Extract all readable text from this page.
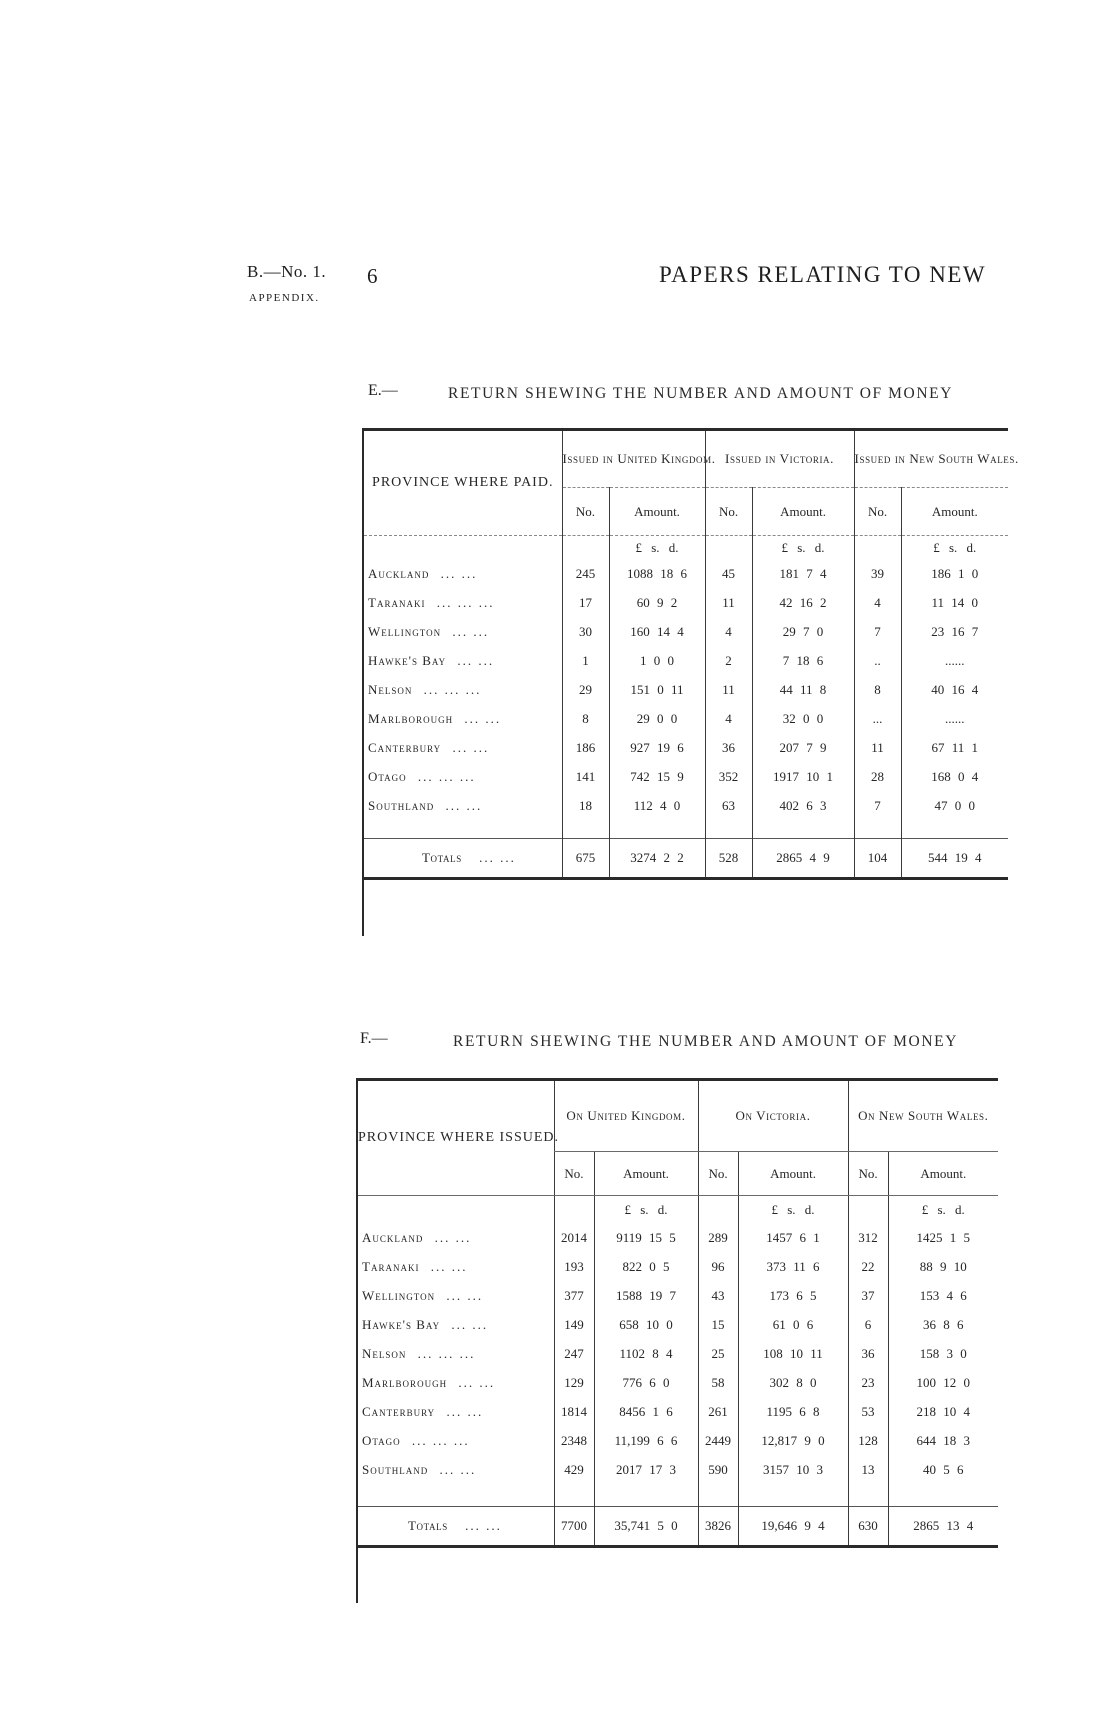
B.—No. 1.
APPENDIX.
6	PAPERS RELATING TO NEW
E.—	RETURN SHEWING THE NUMBER AND AMOUNT OF MONEY
PROVINCE WHERE PAID.	Issued in United Kingdom.		Issued in Victoria.		Issued in New South Wales.	
	No.	Amount.	No.	Amount.	No.	Amount.
		£ s. d.		£ s. d.		£ s. d.
Auckland ... ...	245	1088 18 6	45	181 7 4	39	186 1 0
Taranaki ... ... ...	17	60 9 2	11	42 16 2	4	11 14 0
Wellington ... ...	30	160 14 4	4	29 7 0	7	23 16 7
Hawke's Bay ... ...	1	1 0 0	2	7 18 6	..	......
Nelson ... ... ...	29	151 0 11	11	44 11 8	8	40 16 4
Marlborough ... ...	8	29 0 0	4	32 0 0	...	......
Canterbury ... ...	186	927 19 6	36	207 7 9	11	67 11 1
Otago ... ... ...	141	742 15 9	352	1917 10 1	28	168 0 4
Southland ... ...	18	112 4 0	63	402 6 3	7	47 0 0

Totals ... ...	675	3274 2 2	528	2865 4 9	104	544 19 4
F.—	RETURN SHEWING THE NUMBER AND AMOUNT OF MONEY
PROVINCE WHERE ISSUED.	On United Kingdom.		On Victoria.		On New South Wales.	
	No.	Amount.	No.	Amount.	No.	Amount.
		£ s. d.		£ s. d.		£ s. d.
Auckland ... ...	2014	9119 15 5	289	1457 6 1	312	1425 1 5
Taranaki ... ...	193	822 0 5	96	373 11 6	22	88 9 10
Wellington ... ...	377	1588 19 7	43	173 6 5	37	153 4 6
Hawke's Bay ... ...	149	658 10 0	15	61 0 6	6	36 8 6
Nelson ... ... ...	247	1102 8 4	25	108 10 11	36	158 3 0
Marlborough ... ...	129	776 6 0	58	302 8 0	23	100 12 0
Canterbury ... ...	1814	8456 1 6	261	1195 6 8	53	218 10 4
Otago ... ... ...	2348	11,199 6 6	2449	12,817 9 0	128	644 18 3
Southland ... ...	429	2017 17 3	590	3157 10 3	13	40 5 6

Totals ... ...	7700	35,741 5 0	3826	19,646 9 4	630	2865 13 4
